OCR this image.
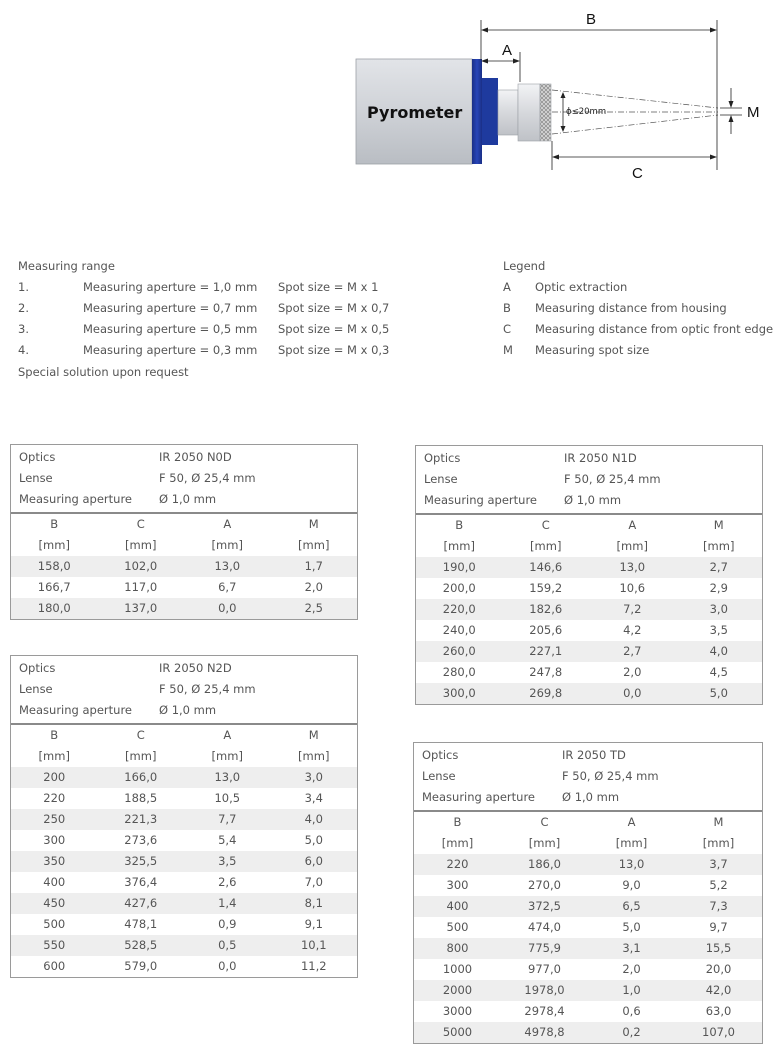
Pyrometer	ϕ≤20mm
B
A
C
M
Measuring range
1.	Measuring aperture = 1,0 mm Spot size = M x 1
2.	Measuring aperture = 0,7 mm Spot size = M x 0,7
3.	Measuring aperture = 0,5 mm Spot size = M x 0,5
4.	Measuring aperture = 0,3 mm Spot size = M x 0,3
Special solution upon request
Legend
A Optic extraction
B Measuring distance from housing
C Measuring distance from optic front edge
M Measuring spot size
Optics	IR 2050 N0D
Lense	F 50, Ø 25,4 mm
Measuring aperture Ø 1,0 mm
B	C	A	M
[mm]	[mm]	[mm]	[mm]
158,0	102,0	13,0	1,7
166,7	117,0	6,7	2,0
180,0	137,0	0,0	2,5
Optics	IR 2050 N1D
Lense	F 50, Ø 25,4 mm
Measuring aperture Ø 1,0 mm
B	C	A	M
[mm]	[mm]	[mm]	[mm]
190,0	146,6	13,0	2,7
200,0	159,2	10,6	2,9
220,0	182,6	7,2	3,0
240,0	205,6	4,2	3,5
260,0	227,1	2,7	4,0
280,0	247,8	2,0	4,5
300,0	269,8	0,0	5,0
Optics	IR 2050 N2D
Lense	F 50, Ø 25,4 mm
Measuring aperture Ø 1,0 mm
B	C	A	M
[mm]	[mm]	[mm]	[mm]
200	166,0	13,0	3,0
220	188,5	10,5	3,4
250	221,3	7,7	4,0
300	273,6	5,4	5,0
350	325,5	3,5	6,0
400	376,4	2,6	7,0
450	427,6	1,4	8,1
500	478,1	0,9	9,1
550	528,5	0,5	10,1
600	579,0	0,0	11,2
Optics	IR 2050 TD
Lense	F 50, Ø 25,4 mm
Measuring aperture Ø 1,0 mm
B	C	A	M
[mm]	[mm]	[mm]	[mm]
220	186,0	13,0	3,7
300	270,0	9,0	5,2
400	372,5	6,5	7,3
500	474,0	5,0	9,7
800	775,9	3,1	15,5
1000	977,0	2,0	20,0
2000	1978,0	1,0	42,0
3000	2978,4	0,6	63,0
5000	4978,8	0,2	107,0
